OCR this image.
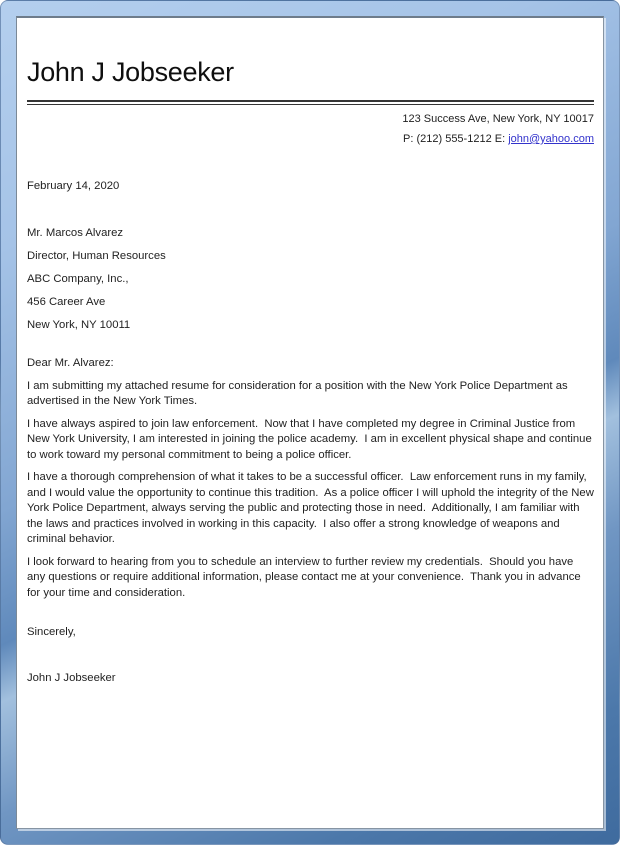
John J Jobseeker
123 Success Ave, New York, NY 10017
P: (212) 555-1212 E: john@yahoo.com
February 14, 2020
Mr. Marcos Alvarez
Director, Human Resources
ABC Company, Inc.,
456 Career Ave
New York, NY 10011
Dear Mr. Alvarez:

I am submitting my attached resume for consideration for a position with the New York Police Department as advertised in the New York Times.

I have always aspired to join law enforcement.  Now that I have completed my degree in Criminal Justice from New York University, I am interested in joining the police academy.  I am in excellent physical shape and continue to work toward my personal commitment to being a police officer.

I have a thorough comprehension of what it takes to be a successful officer.  Law enforcement runs in my family, and I would value the opportunity to continue this tradition.  As a police officer I will uphold the integrity of the New York Police Department, always serving the public and protecting those in need.  Additionally, I am familiar with the laws and practices involved in working in this capacity.  I also offer a strong knowledge of weapons and criminal behavior.

I look forward to hearing from you to schedule an interview to further review my credentials.  Should you have any questions or require additional information, please contact me at your convenience.  Thank you in advance for your time and consideration.

Sincerely,
John J Jobseeker
